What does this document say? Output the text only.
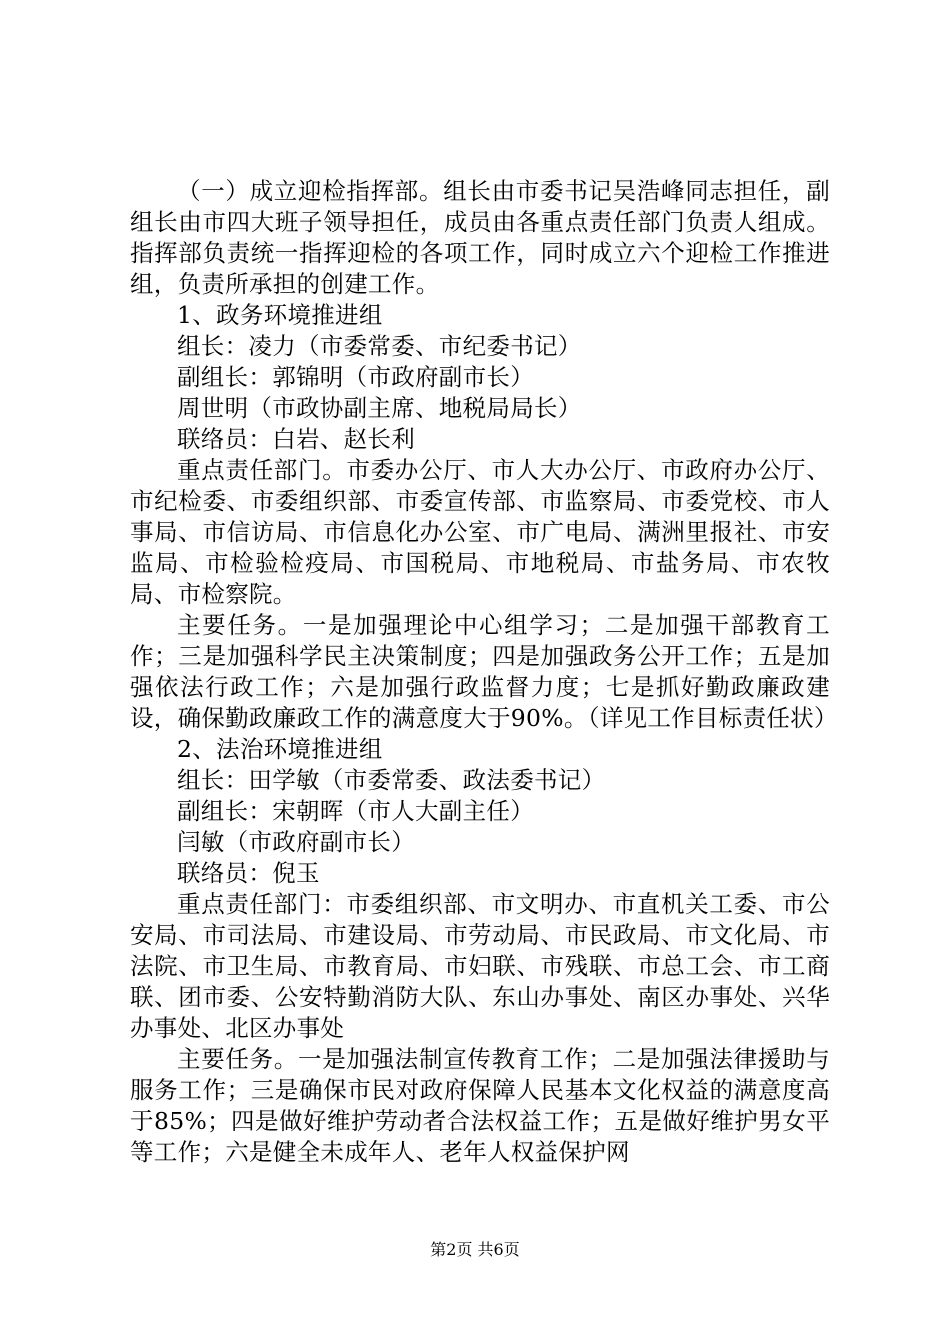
（一）成立迎检指挥部。组长由市委书记吴浩峰同志担任，副组长由市四大班子领导担任，成员由各重点责任部门负责人组成。指挥部负责统一指挥迎检的各项工作，同时成立六个迎检工作推进组，负责所承担的创建工作。

1、政务环境推进组

组长：凌力（市委常委、市纪委书记）

副组长：郭锦明（市政府副市长）

周世明（市政协副主席、地税局局长）

联络员：白岩、赵长利

重点责任部门。市委办公厅、市人大办公厅、市政府办公厅、市纪检委、市委组织部、市委宣传部、市监察局、市委党校、市人事局、市信访局、市信息化办公室、市广电局、满洲里报社、市安监局、市检验检疫局、市国税局、市地税局、市盐务局、市农牧局、市检察院。

主要任务。一是加强理论中心组学习；二是加强干部教育工作；三是加强科学民主决策制度；四是加强政务公开工作；五是加强依法行政工作；六是加强行政监督力度；七是抓好勤政廉政建设，确保勤政廉政工作的满意度大于90%。（详见工作目标责任状）

2、法治环境推进组

组长：田学敏（市委常委、政法委书记）

副组长：宋朝晖（市人大副主任）

闫敏（市政府副市长）

联络员：倪玉

重点责任部门：市委组织部、市文明办、市直机关工委、市公安局、市司法局、市建设局、市劳动局、市民政局、市文化局、市法院、市卫生局、市教育局、市妇联、市残联、市总工会、市工商联、团市委、公安特勤消防大队、东山办事处、南区办事处、兴华办事处、北区办事处

主要任务。一是加强法制宣传教育工作；二是加强法律援助与服务工作；三是确保市民对政府保障人民基本文化权益的满意度高于85%；四是做好维护劳动者合法权益工作；五是做好维护男女平等工作；六是健全未成年人、老年人权益保护网

第2页 共6页
